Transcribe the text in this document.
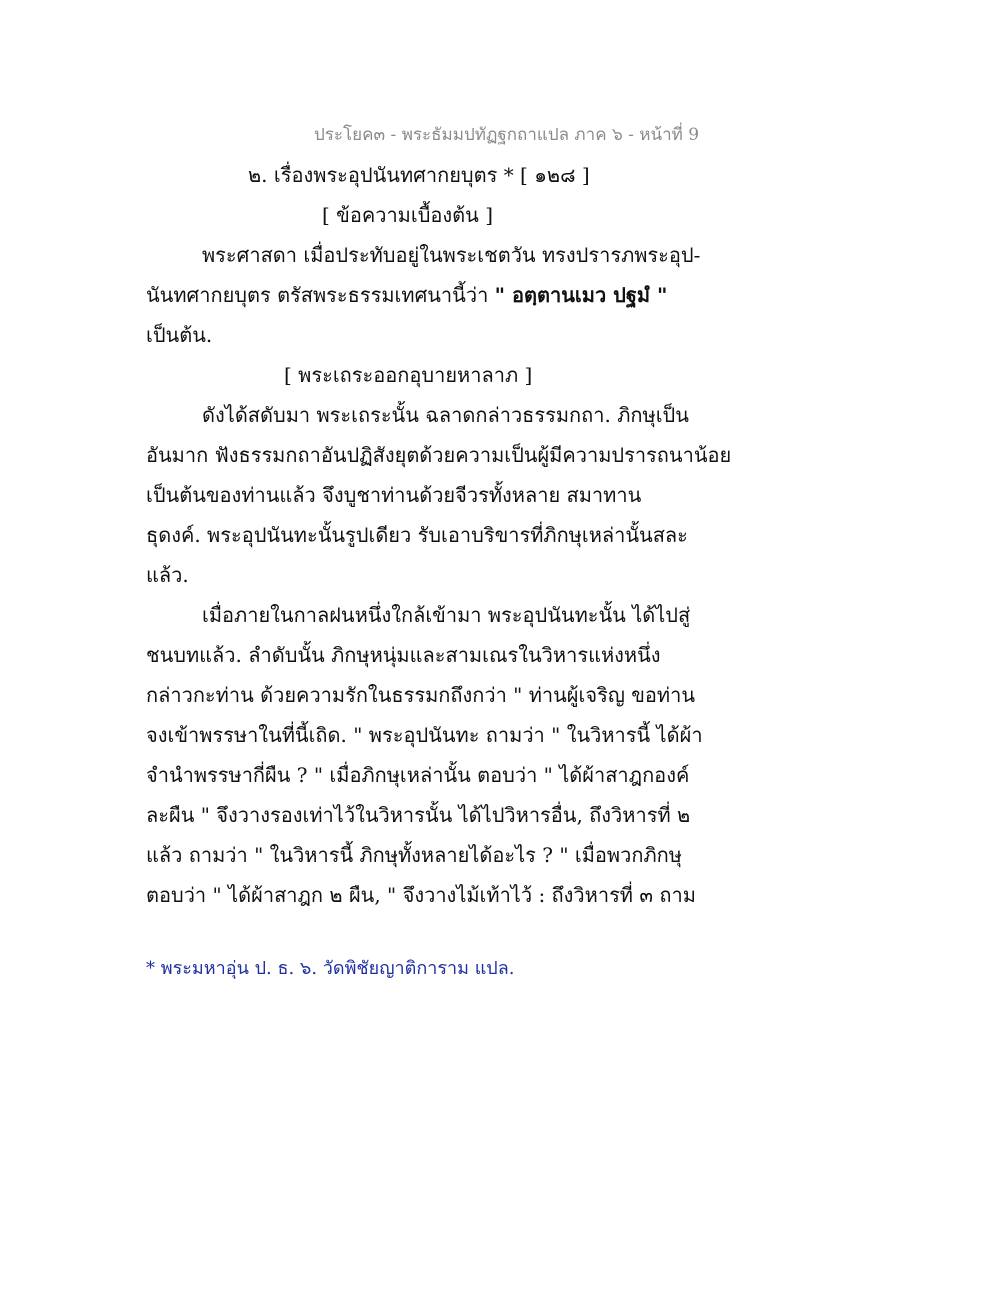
ประโยค๓ - พระธัมมปทัฏฐกถาแปล ภาค ๖ - หน้าที่ 9
๒. เรื่องพระอุปนันทศากยบุตร * [ ๑๒๘ ]
[ ข้อความเบื้องต้น ]
พระศาสดา เมื่อประทับอยู่ในพระเชตวัน ทรงปรารภพระอุป-
นันทศากยบุตร ตรัสพระธรรมเทศนานี้ว่า " อตฺตานเมว ปฐมํ "
เป็นต้น.
[ พระเถระออกอุบายหาลาภ ]
ดังได้สดับมา พระเถระนั้น ฉลาดกล่าวธรรมกถา. ภิกษุเป็น
อันมาก ฟังธรรมกถาอันปฏิสังยุตด้วยความเป็นผู้มีความปรารถนาน้อย
เป็นต้นของท่านแล้ว จึงบูชาท่านด้วยจีวรทั้งหลาย สมาทาน
ธุดงค์. พระอุปนันทะนั้นรูปเดียว รับเอาบริขารที่ภิกษุเหล่านั้นสละ
แล้ว.
เมื่อภายในกาลฝนหนึ่งใกล้เข้ามา พระอุปนันทะนั้น ได้ไปสู่
ชนบทแล้ว. ลำดับนั้น ภิกษุหนุ่มและสามเณรในวิหารแห่งหนึ่ง
กล่าวกะท่าน ด้วยความรักในธรรมกถึงกว่า " ท่านผู้เจริญ ขอท่าน
จงเข้าพรรษาในที่นี้เถิด. " พระอุปนันทะ ถามว่า " ในวิหารนี้ ได้ผ้า
จำนำพรรษากี่ผืน ? " เมื่อภิกษุเหล่านั้น ตอบว่า " ได้ผ้าสาฎกองค์
ละผืน " จึงวางรองเท่าไว้ในวิหารนั้น ได้ไปวิหารอื่น, ถึงวิหารที่ ๒
แล้ว ถามว่า " ในวิหารนี้ ภิกษุทั้งหลายได้อะไร ? " เมื่อพวกภิกษุ
ตอบว่า " ได้ผ้าสาฎก ๒ ผืน, " จึงวางไม้เท้าไว้ : ถึงวิหารที่ ๓ ถาม
* พระมหาอุ่น ป. ธ. ๖. วัดพิชัยญาติการาม แปล.
